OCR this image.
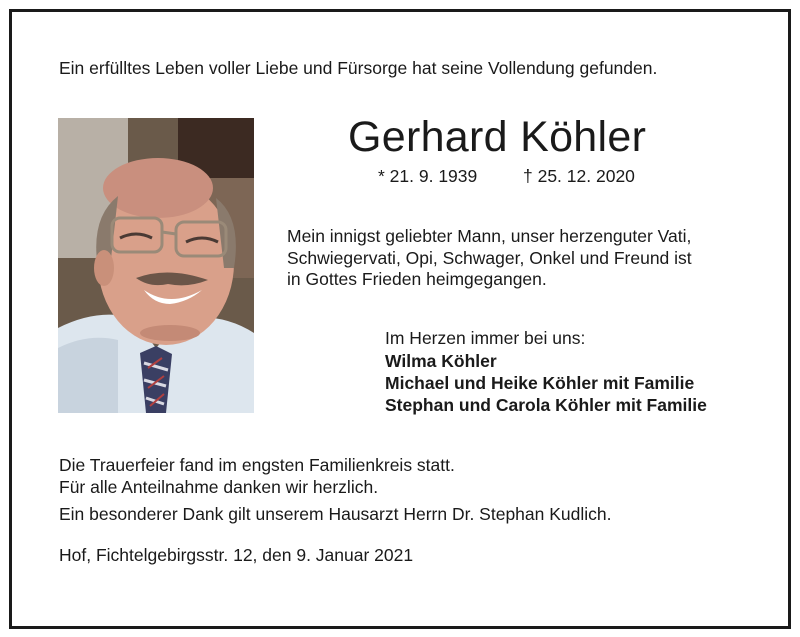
Ein erfülltes Leben voller Liebe und Fürsorge hat seine Vollendung gefunden.
Gerhard Köhler
* 21. 9. 1939	† 25. 12. 2020
Mein innigst geliebter Mann, unser herzenguter Vati,
Schwiegervati, Opi, Schwager, Onkel und Freund ist
in Gottes Frieden heimgegangen.
Im Herzen immer bei uns:
Wilma Köhler
Michael und Heike Köhler mit Familie
Stephan und Carola Köhler mit Familie
Die Trauerfeier fand im engsten Familienkreis statt.
Für alle Anteilnahme danken wir herzlich.
Ein besonderer Dank gilt unserem Hausarzt Herrn Dr. Stephan Kudlich.
Hof, Fichtelgebirgsstr. 12, den 9. Januar 2021
